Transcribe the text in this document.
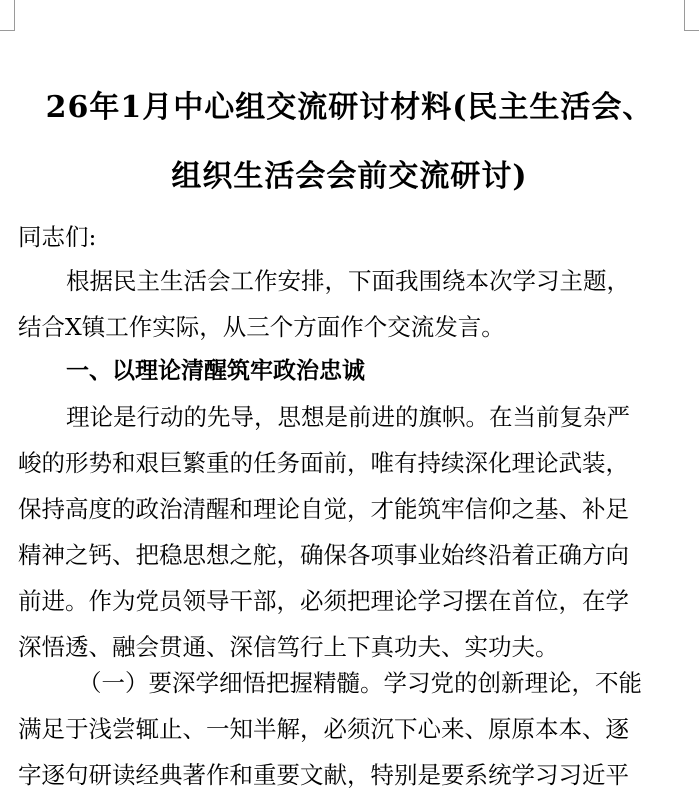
26年1月中心组交流研讨材料(民主生活会、
组织生活会会前交流研讨)
同志们:
根据民主生活会工作安排，下面我围绕本次学习主题，
结合X镇工作实际，从三个方面作个交流发言。
一、以理论清醒筑牢政治忠诚
理论是行动的先导，思想是前进的旗帜。在当前复杂严
峻的形势和艰巨繁重的任务面前，唯有持续深化理论武装，
保持高度的政治清醒和理论自觉，才能筑牢信仰之基、补足
精神之钙、把稳思想之舵，确保各项事业始终沿着正确方向
前进。作为党员领导干部，必须把理论学习摆在首位，在学
深悟透、融会贯通、深信笃行上下真功夫、实功夫。
（一）要深学细悟把握精髓。学习党的创新理论，不能
满足于浅尝辄止、一知半解，必须沉下心来、原原本本、逐
字逐句研读经典著作和重要文献，特别是要系统学习习近平
